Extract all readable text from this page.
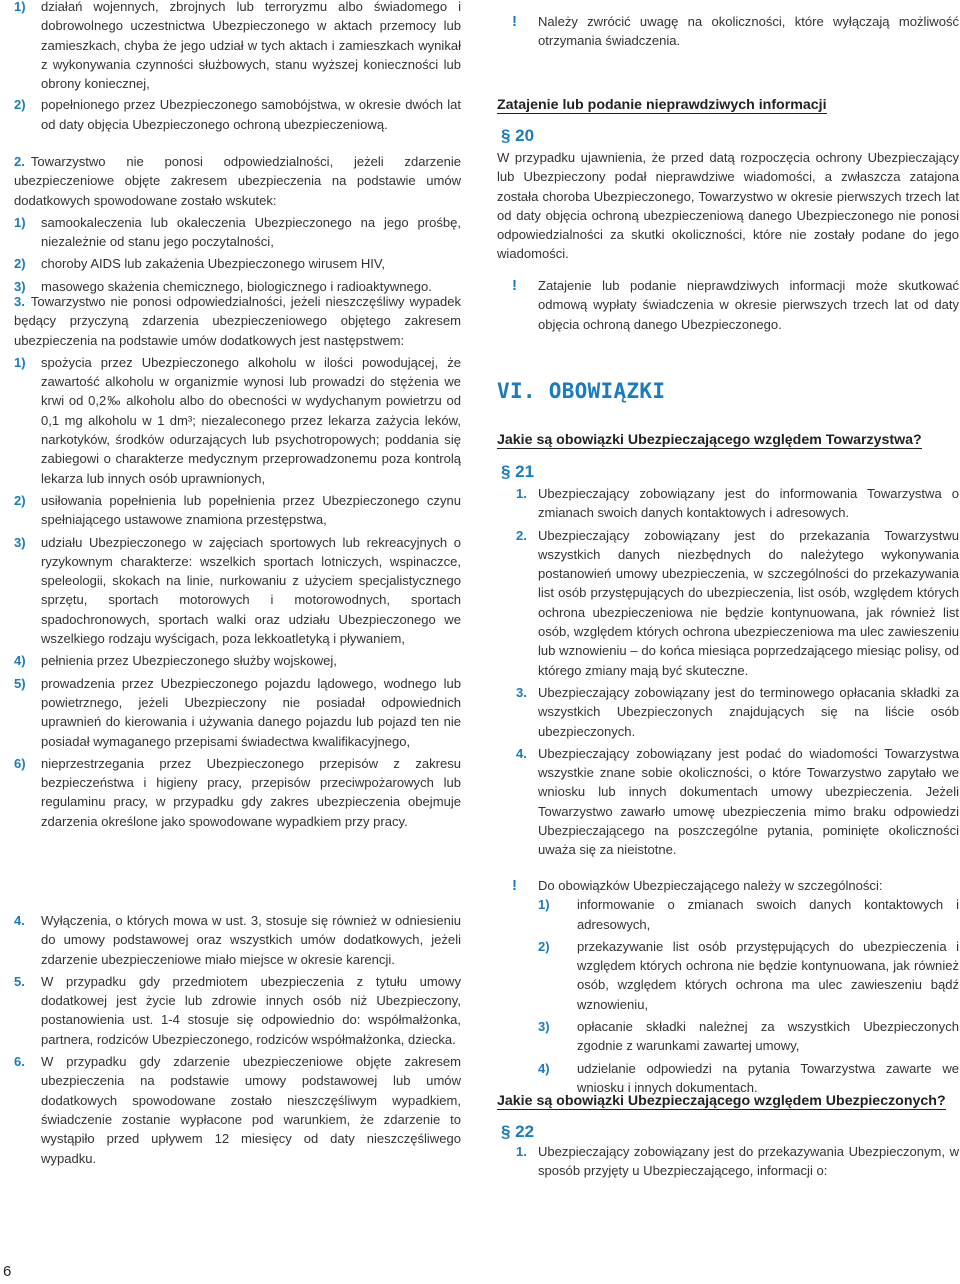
1) działań wojennych, zbrojnych lub terroryzmu albo świadomego i dobrowolnego uczestnictwa Ubezpieczonego w aktach przemocy lub zamieszkach, chyba że jego udział w tych aktach i zamieszkach wynikał z wykonywania czynności służbowych, stanu wyższej konieczności lub obrony koniecznej,
2) popełnionego przez Ubezpieczonego samobójstwa, w okresie dwóch lat od daty objęcia Ubezpieczonego ochroną ubezpieczeniową.

2. Towarzystwo nie ponosi odpowiedzialności, jeżeli zdarzenie ubezpieczeniowe objęte zakresem ubezpieczenia na podstawie umów dodatkowych spowodowane zostało wskutek:

1) samookaleczenia lub okaleczenia Ubezpieczonego na jego prośbę, niezależnie od stanu jego poczytalności,
2) choroby AIDS lub zakażenia Ubezpieczonego wirusem HIV,
3) masowego skażenia chemicznego, biologicznego i radioaktywnego.

3. Towarzystwo nie ponosi odpowiedzialności, jeżeli nieszczęśliwy wypadek będący przyczyną zdarzenia ubezpieczeniowego objętego zakresem ubezpieczenia na podstawie umów dodatkowych jest następstwem:

1) spożycia przez Ubezpieczonego alkoholu w ilości powodującej, że zawartość alkoholu w organizmie wynosi lub prowadzi do stężenia we krwi od 0,2‰ alkoholu albo do obecności w wydychanym powietrzu od 0,1 mg alkoholu w 1 dm³; niezaleconego przez lekarza zażycia leków, narkotyków, środków odurzających lub psychotropowych; poddania się zabiegowi o charakterze medycznym przeprowadzonemu poza kontrolą lekarza lub innych osób uprawnionych,
2) usiłowania popełnienia lub popełnienia przez Ubezpieczonego czynu spełniającego ustawowe znamiona przestępstwa,
3) udziału Ubezpieczonego w zajęciach sportowych lub rekreacyjnych o ryzykownym charakterze: wszelkich sportach lotniczych, wspinaczce, speleologii, skokach na linie, nurkowaniu z użyciem specjalistycznego sprzętu, sportach motorowych i motorowodnych, sportach spadochronowych, sportach walki oraz udziału Ubezpieczonego we wszelkiego rodzaju wyścigach, poza lekkoatletyką i pływaniem,
4) pełnienia przez Ubezpieczonego służby wojskowej,
5) prowadzenia przez Ubezpieczonego pojazdu lądowego, wodnego lub powietrznego, jeżeli Ubezpieczony nie posiadał odpowiednich uprawnień do kierowania i używania danego pojazdu lub pojazd ten nie posiadał wymaganego przepisami świadectwa kwalifikacyjnego,
6) nieprzestrzegania przez Ubezpieczonego przepisów z zakresu bezpieczeństwa i higieny pracy, przepisów przeciwpożarowych lub regulaminu pracy, w przypadku gdy zakres ubezpieczenia obejmuje zdarzenia określone jako spowodowane wypadkiem przy pracy.
4. Wyłączenia, o których mowa w ust. 3, stosuje się również w odniesieniu do umowy podstawowej oraz wszystkich umów dodatkowych, jeżeli zdarzenie ubezpieczeniowe miało miejsce w okresie karencji.
5. W przypadku gdy przedmiotem ubezpieczenia z tytułu umowy dodatkowej jest życie lub zdrowie innych osób niż Ubezpieczony, postanowienia ust. 1-4 stosuje się odpowiednio do: współmałżonka, partnera, rodziców Ubezpieczonego, rodziców współmałżonka, dziecka.
6. W przypadku gdy zdarzenie ubezpieczeniowe objęte zakresem ubezpieczenia na podstawie umowy podstawowej lub umów dodatkowych spowodowane zostało nieszczęśliwym wypadkiem, świadczenie zostanie wypłacone pod warunkiem, że zdarzenie to wystąpiło przed upływem 12 miesięcy od daty nieszczęśliwego wypadku.
! Należy zwrócić uwagę na okoliczności, które wyłączają możliwość otrzymania świadczenia.

Zatajenie lub podanie nieprawdziwych informacji
§ 20

W przypadku ujawnienia, że przed datą rozpoczęcia ochrony Ubezpieczający lub Ubezpieczony podał nieprawdziwe wiadomości, a zwłaszcza zatajona została choroba Ubezpieczonego, Towarzystwo w okresie pierwszych trzech lat od daty objęcia ochroną ubezpieczeniową danego Ubezpieczonego nie ponosi odpowiedzialności za skutki okoliczności, które nie zostały podane do jego wiadomości.

! Zatajenie lub podanie nieprawdziwych informacji może skutkować odmową wypłaty świadczenia w okresie pierwszych trzech lat od daty objęcia ochroną danego Ubezpieczonego.

VI. OBOWIĄZKI
Jakie są obowiązki Ubezpieczającego względem Towarzystwa?
§ 21
1. Ubezpieczający zobowiązany jest do informowania Towarzystwa o zmianach swoich danych kontaktowych i adresowych.
2. Ubezpieczający zobowiązany jest do przekazania Towarzystwu wszystkich danych niezbędnych do należytego wykonywania postanowień umowy ubezpieczenia, w szczególności do przekazywania list osób przystępujących do ubezpieczenia, list osób, względem których ochrona ubezpieczeniowa nie będzie kontynuowana, jak również list osób, względem których ochrona ubezpieczeniowa ma ulec zawieszeniu lub wznowieniu – do końca miesiąca poprzedzającego miesiąc polisy, od którego zmiany mają być skuteczne.
3. Ubezpieczający zobowiązany jest do terminowego opłacania składki za wszystkich Ubezpieczonych znajdujących się na liście osób ubezpieczonych.
4. Ubezpieczający zobowiązany jest podać do wiadomości Towarzystwa wszystkie znane sobie okoliczności, o które Towarzystwo zapytało we wniosku lub innych dokumentach umowy ubezpieczenia. Jeżeli Towarzystwo zawarło umowę ubezpieczenia mimo braku odpowiedzi Ubezpieczającego na poszczególne pytania, pominięte okoliczności uważa się za nieistotne.
! Do obowiązków Ubezpieczającego należy w szczególności:

1) informowanie o zmianach swoich danych kontaktowych i adresowych,
2) przekazywanie list osób przystępujących do ubezpieczenia i względem których ochrona nie będzie kontynuowana, jak również osób, względem których ochrona ma ulec zawieszeniu bądź wznowieniu,
3) opłacanie składki należnej za wszystkich Ubezpieczonych zgodnie z warunkami zawartej umowy,
4) udzielanie odpowiedzi na pytania Towarzystwa zawarte we wniosku i innych dokumentach.
Jakie są obowiązki Ubezpieczającego względem Ubezpieczonych?
§ 22
1. Ubezpieczający zobowiązany jest do przekazywania Ubezpieczonym, w sposób przyjęty u Ubezpieczającego, informacji o:
6
